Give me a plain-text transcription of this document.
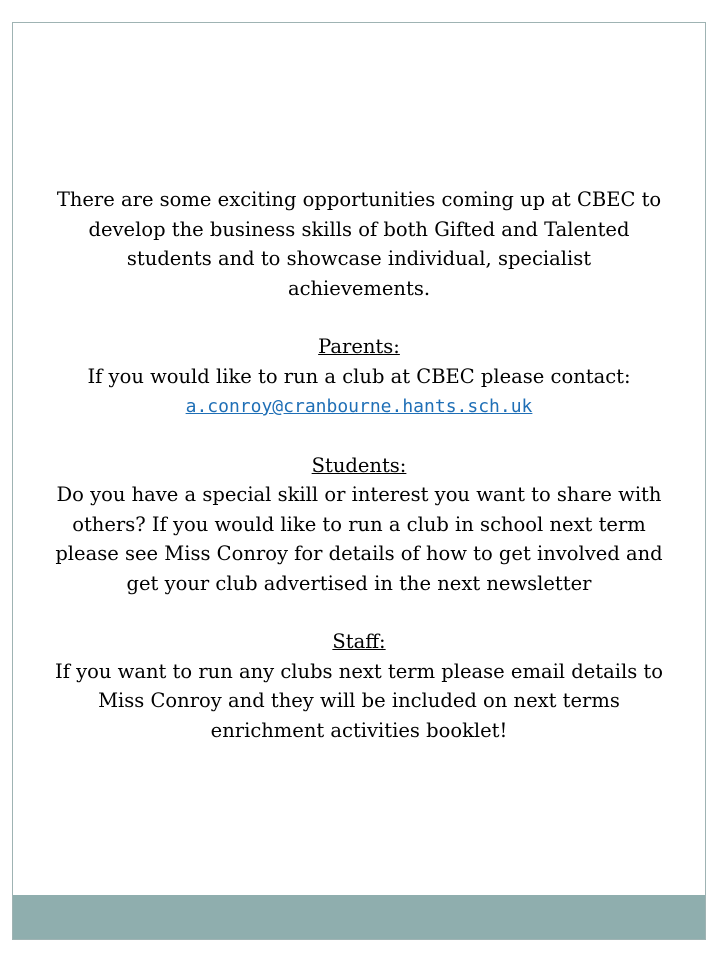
There are some exciting opportunities coming up at CBEC to

develop the business skills of both Gifted and Talented

students and to showcase individual, specialist

achievements.

Parents:

If you would like to run a club at CBEC please contact:

a.conroy@cranbourne.hants.sch.uk

Students:

Do you have a special skill or interest you want to share with

others? If you would like to run a club in school next term

please see Miss Conroy for details of how to get involved and

get your club advertised in the next newsletter

Staff:

If you want to run any clubs next term please email details to

Miss Conroy and they will be included on next terms

enrichment activities booklet!
